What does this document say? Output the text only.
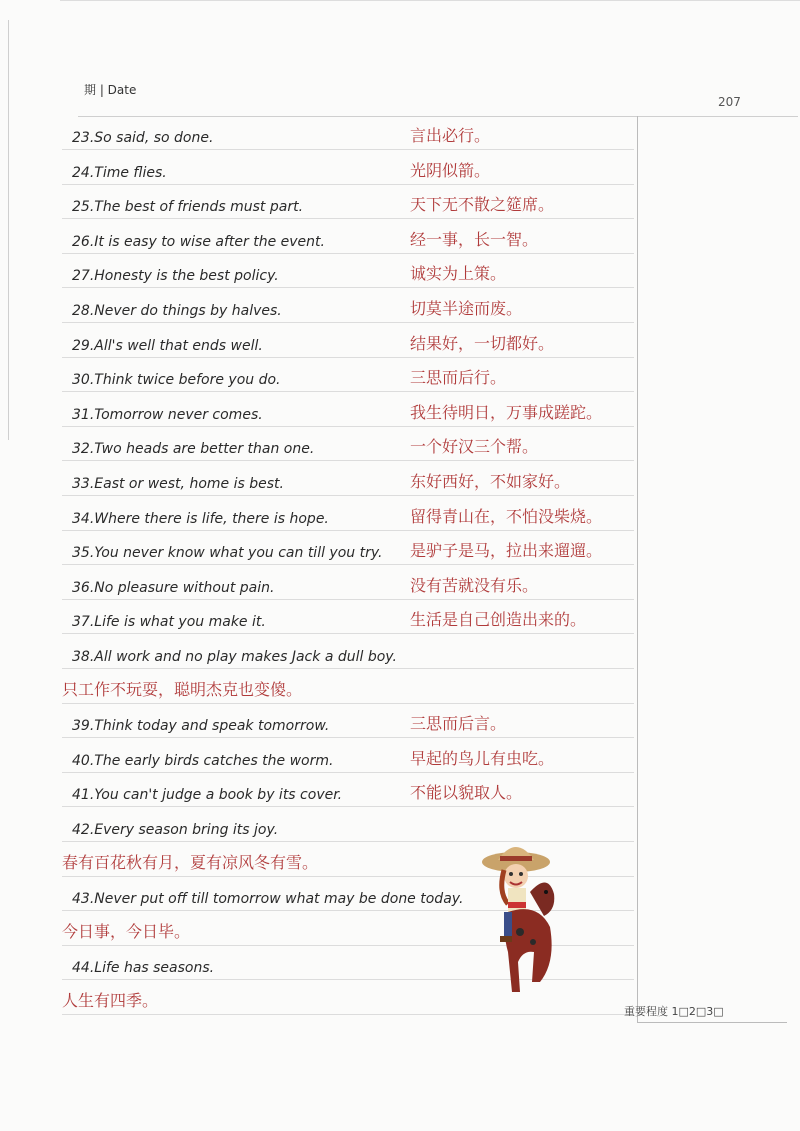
期 | Date
207
23.So said, so done.	言出必行。
24.Time flies.	光阴似箭。
25.The best of friends must part.	天下无不散之筵席。
26.It is easy to wise after the event.	经一事，长一智。
27.Honesty is the best policy.	诚实为上策。
28.Never do things by halves.	切莫半途而废。
29.All's well that ends well.	结果好，一切都好。
30.Think twice before you do.	三思而后行。
31.Tomorrow never comes.	我生待明日，万事成蹉跎。
32.Two heads are better than one.	一个好汉三个帮。
33.East or west, home is best.	东好西好，不如家好。
34.Where there is life, there is hope.	留得青山在，不怕没柴烧。
35.You never know what you can till you try. 是驴子是马，拉出来遛遛。
36.No pleasure without pain.	没有苦就没有乐。
37.Life is what you make it.	生活是自己创造出来的。
38.All work and no play makes Jack a dull boy.
只工作不玩耍，聪明杰克也变傻。
39.Think today and speak tomorrow.	三思而后言。
40.The early birds catches the worm.	早起的鸟儿有虫吃。
41.You can't judge a book by its cover.	不能以貌取人。
42.Every season bring its joy.
春有百花秋有月，夏有凉风冬有雪。
43.Never put off till tomorrow what may be done today.
今日事，今日毕。
44.Life has seasons.
人生有四季。
重要程度 1□2□3□
